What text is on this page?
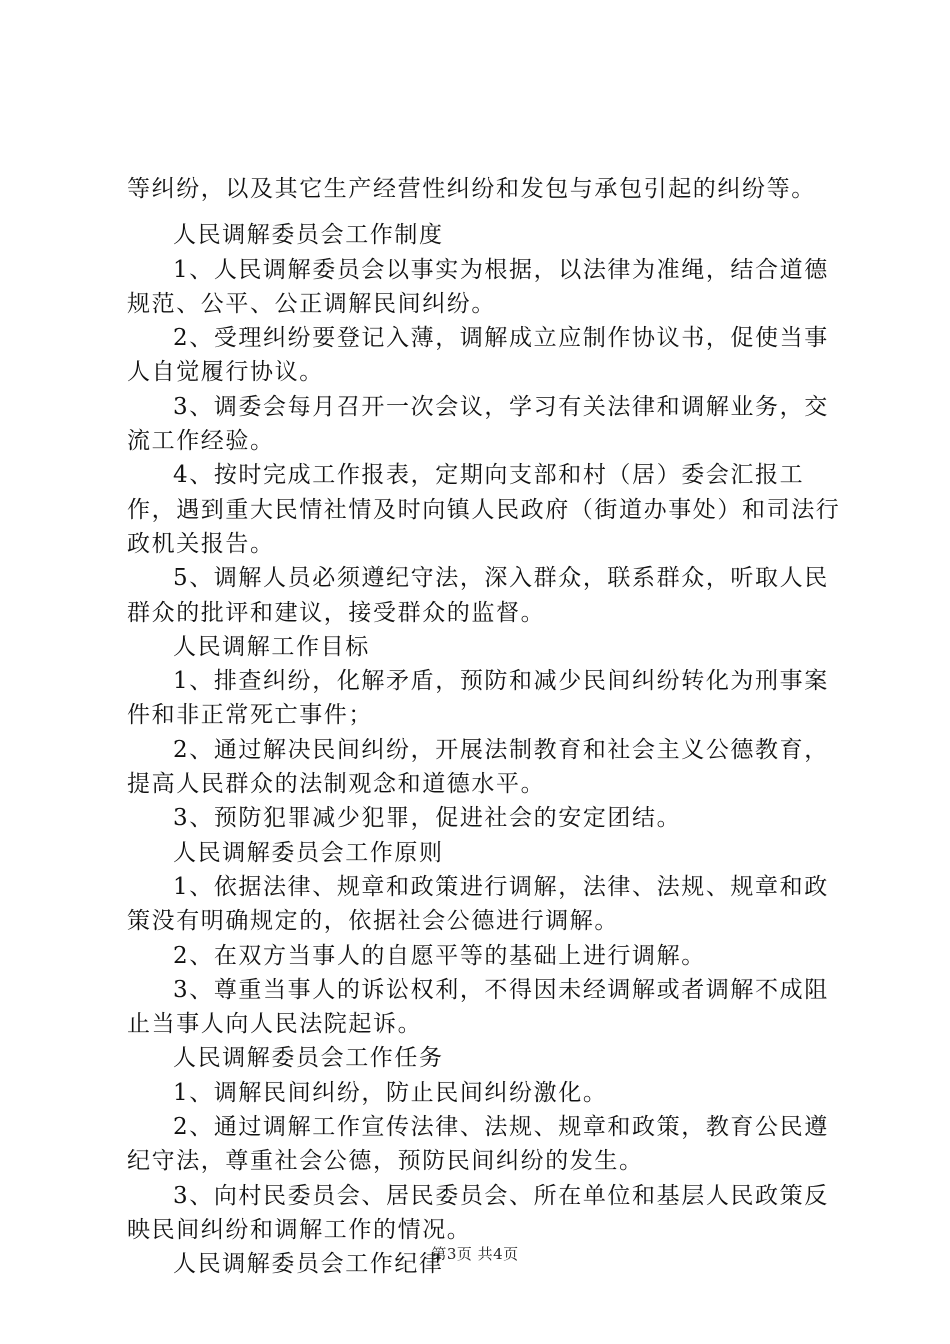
等纠纷，以及其它生产经营性纠纷和发包与承包引起的纠纷等。

人民调解委员会工作制度

1、人民调解委员会以事实为根据，以法律为准绳，结合道德规范、公平、公正调解民间纠纷。

2、受理纠纷要登记入薄，调解成立应制作协议书，促使当事人自觉履行协议。

3、调委会每月召开一次会议，学习有关法律和调解业务，交流工作经验。

4、按时完成工作报表，定期向支部和村（居）委会汇报工作，遇到重大民情社情及时向镇人民政府（街道办事处）和司法行政机关报告。

5、调解人员必须遵纪守法，深入群众，联系群众，听取人民群众的批评和建议，接受群众的监督。

人民调解工作目标

1、排查纠纷，化解矛盾，预防和减少民间纠纷转化为刑事案件和非正常死亡事件；

2、通过解决民间纠纷，开展法制教育和社会主义公德教育，提高人民群众的法制观念和道德水平。

3、预防犯罪减少犯罪，促进社会的安定团结。

人民调解委员会工作原则

1、依据法律、规章和政策进行调解，法律、法规、规章和政策没有明确规定的，依据社会公德进行调解。

2、在双方当事人的自愿平等的基础上进行调解。

3、尊重当事人的诉讼权利，不得因未经调解或者调解不成阻止当事人向人民法院起诉。

人民调解委员会工作任务

1、调解民间纠纷，防止民间纠纷激化。

2、通过调解工作宣传法律、法规、规章和政策，教育公民遵纪守法，尊重社会公德，预防民间纠纷的发生。

3、向村民委员会、居民委员会、所在单位和基层人民政策反映民间纠纷和调解工作的情况。

人民调解委员会工作纪律

第3页 共4页
